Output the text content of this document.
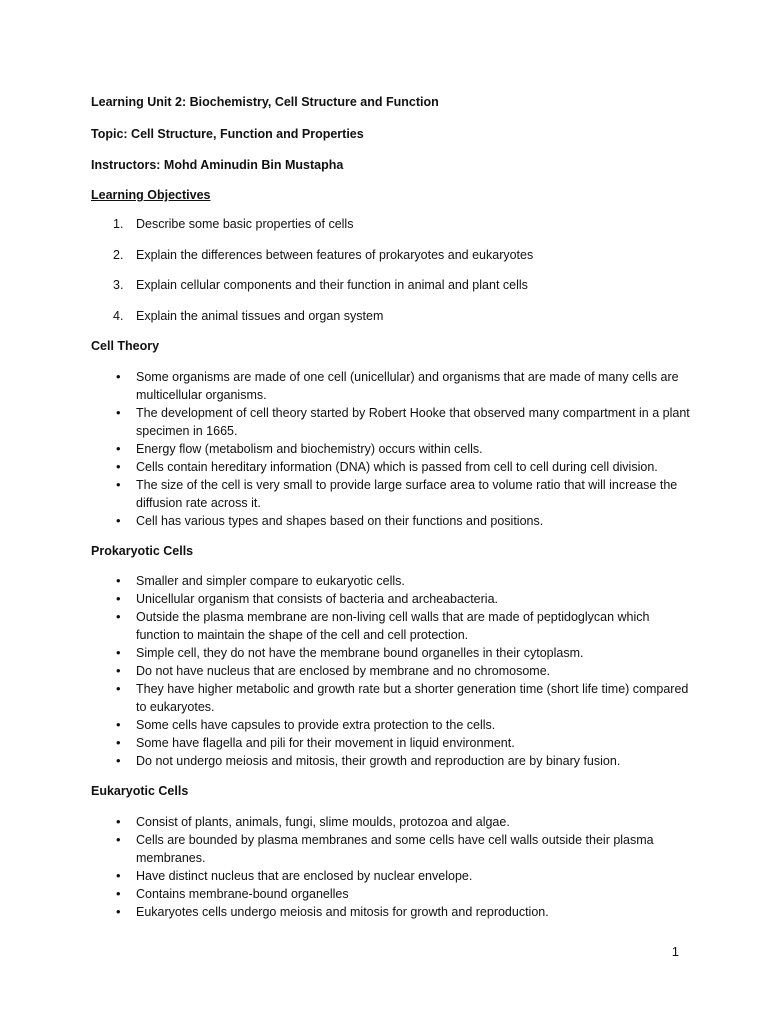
Learning Unit 2: Biochemistry, Cell Structure and Function
Topic: Cell Structure, Function and Properties
Instructors: Mohd Aminudin Bin Mustapha
Learning Objectives
1. Describe some basic properties of cells
2. Explain the differences between features of prokaryotes and eukaryotes
3. Explain cellular components and their function in animal and plant cells
4. Explain the animal tissues and organ system
Cell Theory
• Some organisms are made of one cell (unicellular) and organisms that are made of many cells are multicellular organisms.
• The development of cell theory started by Robert Hooke that observed many compartment in a plant specimen in 1665.
• Energy flow (metabolism and biochemistry) occurs within cells.
• Cells contain hereditary information (DNA) which is passed from cell to cell during cell division.
• The size of the cell is very small to provide large surface area to volume ratio that will increase the diffusion rate across it.
• Cell has various types and shapes based on their functions and positions.
Prokaryotic Cells
• Smaller and simpler compare to eukaryotic cells.
• Unicellular organism that consists of bacteria and archeabacteria.
• Outside the plasma membrane are non-living cell walls that are made of peptidoglycan which function to maintain the shape of the cell and cell protection.
• Simple cell, they do not have the membrane bound organelles in their cytoplasm.
• Do not have nucleus that are enclosed by membrane and no chromosome.
• They have higher metabolic and growth rate but a shorter generation time (short life time) compared to eukaryotes.
• Some cells have capsules to provide extra protection to the cells.
• Some have flagella and pili for their movement in liquid environment.
• Do not undergo meiosis and mitosis, their growth and reproduction are by binary fusion.
Eukaryotic Cells
• Consist of plants, animals, fungi, slime moulds, protozoa and algae.
• Cells are bounded by plasma membranes and some cells have cell walls outside their plasma membranes.
• Have distinct nucleus that are enclosed by nuclear envelope.
• Contains membrane-bound organelles
• Eukaryotes cells undergo meiosis and mitosis for growth and reproduction.
1
